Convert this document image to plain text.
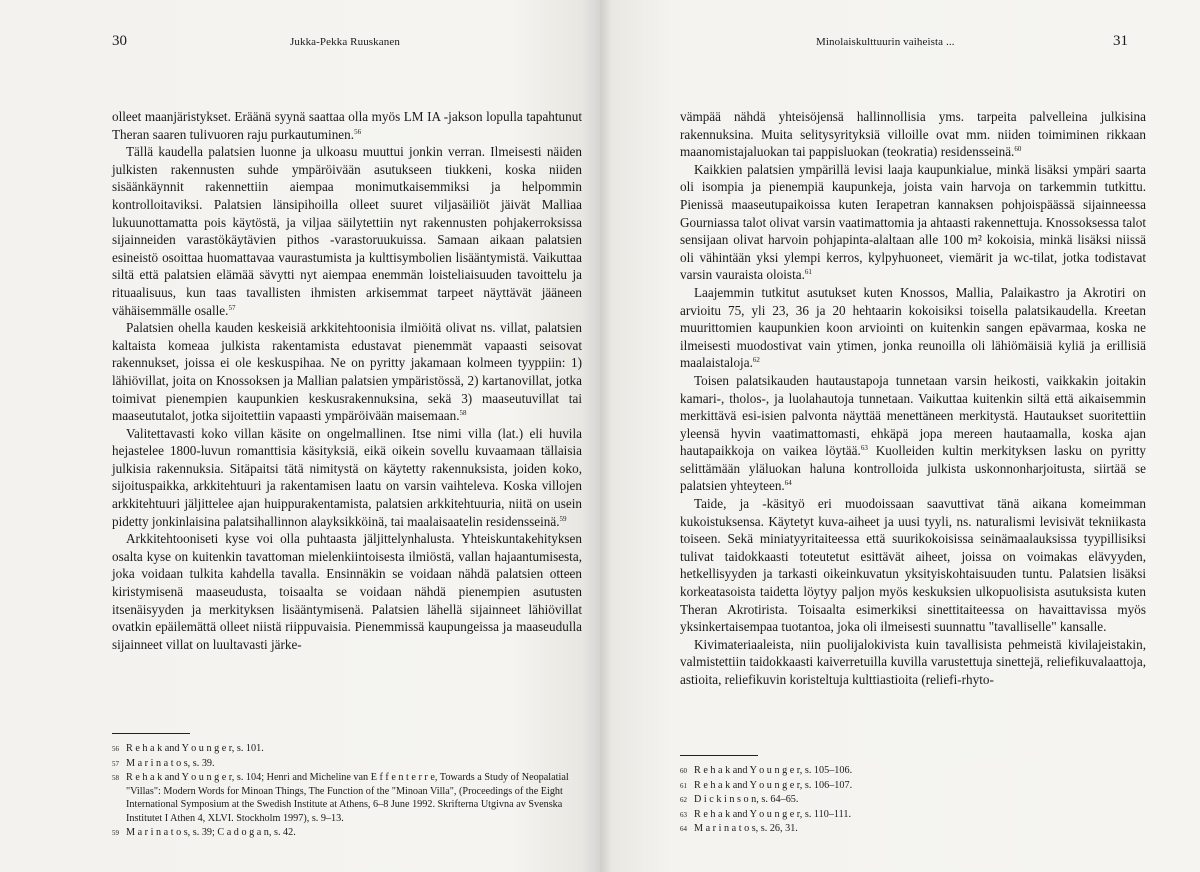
30	Jukka-Pekka Ruuskanen

olleet maanjäristykset. Eräänä syynä saattaa olla myös LM IA -jakson lopulla tapahtunut Theran saaren tulivuoren raju purkautuminen.$^{56}$

Tällä kaudella palatsien luonne ja ulkoasu muuttui jonkin verran. Ilmeisesti näiden julkisten rakennusten suhde ympäröivään asutukseen tiukkeni, koska niiden sisäänkäynnit rakennettiin aiempaa monimutkaisemmiksi ja helpommin kontrolloitaviksi. Palatsien länsipihoilla olleet suuret viljasäiliöt jäivät Malliaa lukuunottamatta pois käytöstä, ja viljaa säilytettiin nyt rakennusten pohjakerroksissa sijainneiden varastökäytävien pithos -varastoruukuissa. Samaan aikaan palatsien esineistö osoittaa huomattavaa vaurastumista ja kulttisymbolien lisääntymistä. Vaikuttaa siltä että palatsien elämää sävytti nyt aiempaa enemmän loisteliaisuuden tavoittelu ja rituaalisuus, kun taas tavallisten ihmisten arkisemmat tarpeet näyttävät jääneen vähäisemmälle osalle.$^{57}$

Palatsien ohella kauden keskeisiä arkkitehtoonisia ilmiöitä olivat ns. villat, palatsien kaltaista komeaa julkista rakentamista edustavat pienemmät vapaasti seisovat rakennukset, joissa ei ole keskuspihaa. Ne on pyritty jakamaan kolmeen tyyppiin: 1) lähiövillat, joita on Knossoksen ja Mallian palatsien ympäristössä, 2) kartanovillat, jotka toimivat pienempien kaupunkien keskusrakennuksina, sekä 3) maaseutuvillat tai maaseututalot, jotka sijoitettiin vapaasti ympäröivään maisemaan.$^{58}$

Valitettavasti koko villan käsite on ongelmallinen. Itse nimi villa (lat.) eli huvila hejastelee 1800-luvun romanttisia käsityksiä, eikä oikein sovellu kuvaamaan tällaisia julkisia rakennuksia. Sitäpaitsi tätä nimitystä on käytetty rakennuksista, joiden koko, sijoituspaikka, arkkitehtuuri ja rakentamisen laatu on varsin vaihteleva. Koska villojen arkkitehtuuri jäljittelee ajan huippurakentamista, palatsien arkkitehtuuria, niitä on usein pidetty jonkinlaisina palatsihallinnon alayksikköinä, tai maalaisaatelin residensseinä.$^{59}$

Arkkitehtooniseti kyse voi olla puhtaasta jäljittelynhalusta. Yhteiskuntakehityksen osalta kyse on kuitenkin tavattoman mielenkiintoisesta ilmiöstä, vallan hajaantumisesta, joka voidaan tulkita kahdella tavalla. Ensinnäkin se voidaan nähdä palatsien otteen kiristymisenä maaseudusta, toisaalta se voidaan nähdä pienempien asutusten itsenäisyyden ja merkityksen lisääntymisenä. Palatsien lähellä sijainneet lähiövillat ovatkin epäilemättä olleet niistä riippuvaisia. Pienemmissä kaupungeissa ja maaseudulla sijainneet villat on luultavasti järke-

56 R e h a k and Y o u n g e r, s. 101.
57 M a r i n a t o s, s. 39.
58 R e h a k and Y o u n g e r, s. 104; Henri and Micheline van E f f e n t e r r e, Towards a Study of Neopalatial "Villas": Modern Words for Minoan Things, The Function of the "Minoan Villa", (Proceedings of the Eight International Symposium at the Swedish Institute at Athens, 6–8 June 1992. Skrifterna Utgivna av Svenska Institutet I Athen 4, XLVI. Stockholm 1997), s. 9–13.
59 M a r i n a t o s, s. 39; C a d o g a n, s. 42.
Minolaiskulttuurin vaiheista ...	31

vämpää nähdä yhteisöjensä hallinnollisia yms. tarpeita palvelleina julkisina rakennuksina. Muita selitysyrityksiä villoille ovat mm. niiden toimiminen rikkaan maanomistajaluokan tai pappisluokan (teokratia) residensseinä.$^{60}$

Kaikkien palatsien ympärillä levisi laaja kaupunkialue, minkä lisäksi ympäri saarta oli isompia ja pienempiä kaupunkeja, joista vain harvoja on tarkemmin tutkittu. Pienissä maaseutupaikoissa kuten Ierapetran kannaksen pohjoispäässä sijainneessa Gourniassa talot olivat varsin vaatimattomia ja ahtaasti rakennettuja. Knossoksessa talot sensijaan olivat harvoin pohjapinta-alaltaan alle 100 m² kokoisia, minkä lisäksi niissä oli vähintään yksi ylempi kerros, kylpyhuoneet, viemärit ja wc-tilat, jotka todistavat varsin vauraista oloista.$^{61}$

Laajemmin tutkitut asutukset kuten Knossos, Mallia, Palaikastro ja Akrotiri on arvioitu 75, yli 23, 36 ja 20 hehtaarin kokoisiksi toisella palatsikaudella. Kreetan muurittomien kaupunkien koon arviointi on kuitenkin sangen epävarmaa, koska ne ilmeisesti muodostivat vain ytimen, jonka reunoilla oli lähiömäisiä kyliä ja erillisiä maalaistaloja.$^{62}$

Toisen palatsikauden hautaustapoja tunnetaan varsin heikosti, vaikkakin joitakin kamari-, tholos-, ja luolahautoja tunnetaan. Vaikuttaa kuitenkin siltä että aikaisemmin merkittävä esi-isien palvonta näyttää menettäneen merkitystä. Hautaukset suoritettiin yleensä hyvin vaatimattomasti, ehkäpä jopa mereen hautaamalla, koska ajan hautapaikkoja on vaikea löytää.$^{63}$ Kuolleiden kultin merkityksen lasku on pyritty selittämään yläluokan haluna kontrolloida julkista uskonnonharjoitusta, siirtää se palatsien yhteyteen.$^{64}$

Taide, ja -käsityö eri muodoissaan saavuttivat tänä aikana komeimman kukoistuksensa. Käytetyt kuva-aiheet ja uusi tyyli, ns. naturalismi levisivät tekniikasta toiseen. Sekä miniatyyritaiteessa että suurikokoisissa seinämaalauksissa tyypillisiksi tulivat taidokkaasti toteutetut esittävät aiheet, joissa on voimakas elävyyden, hetkellisyyden ja tarkasti oikeinkuvatun yksityiskohtaisuuden tuntu. Palatsien lisäksi korkeatasoista taidetta löytyy paljon myös keskuksien ulkopuolisista asutuksista kuten Theran Akrotirista. Toisaalta esimerkiksi sinettitaiteessa on havaittavissa myös yksinkertaisempaa tuotantoa, joka oli ilmeisesti suunnattu "tavalliselle" kansalle.

Kivimateriaaleista, niin puolijalokivista kuin tavallisista pehmeistä kivilajeistakin, valmistettiin taidokkaasti kaiverretuilla kuvilla varustettuja sinettejä, reliefikuvalaattoja, astioita, reliefikuvin koristeltuja kulttiastioita (reliefi-rhyto-

60 R e h a k and Y o u n g e r, s. 105–106.
61 R e h a k and Y o u n g e r, s. 106–107.
62 D i c k i n s o n, s. 64–65.
63 R e h a k and Y o u n g e r, s. 110–111.
64 M a r i n a t o s, s. 26, 31.
